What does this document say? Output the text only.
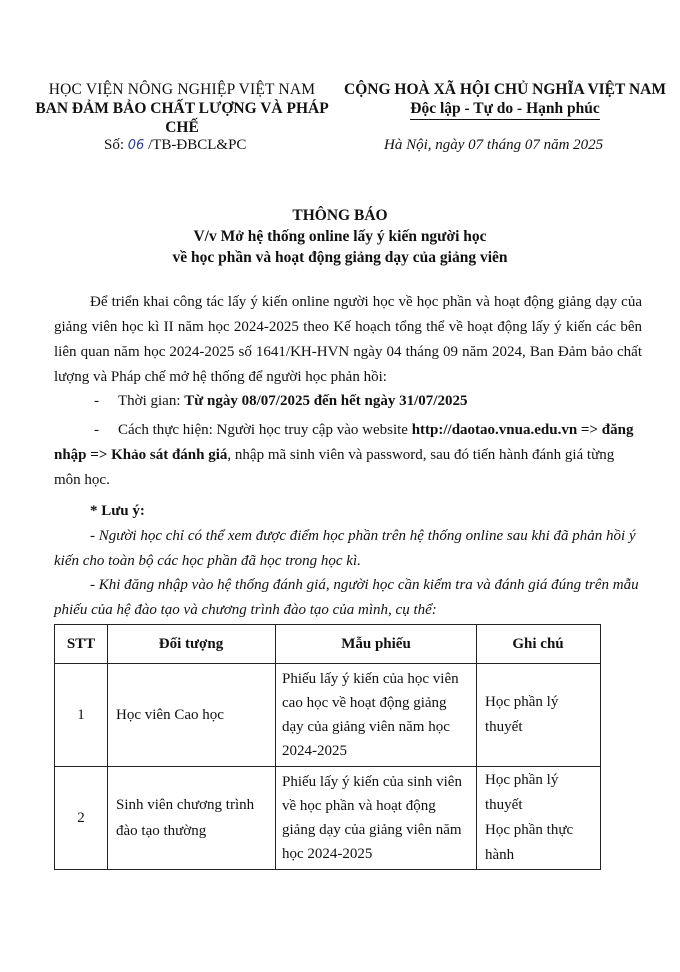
HỌC VIỆN NÔNG NGHIỆP VIỆT NAM
BAN ĐẢM BẢO CHẤT LƯỢNG VÀ PHÁP CHẾ
CỘNG HOÀ XÃ HỘI CHỦ NGHĨA VIỆT NAM
Độc lập - Tự do - Hạnh phúc
Số: 06 /TB-ĐBCL&PC	Hà Nội, ngày 07 tháng 07 năm 2025
THÔNG BÁO
V/v Mở hệ thống online lấy ý kiến người học
về học phần và hoạt động giảng dạy của giảng viên
Để triển khai công tác lấy ý kiến online người học về học phần và hoạt động giảng dạy của giảng viên học kì II năm học 2024-2025 theo Kế hoạch tổng thể về hoạt động lấy ý kiến các bên liên quan năm học 2024-2025 số 1641/KH-HVN ngày 04 tháng 09 năm 2024, Ban Đảm bảo chất lượng và Pháp chế mở hệ thống để người học phản hồi:
- Thời gian: Từ ngày 08/07/2025 đến hết ngày 31/07/2025
- Cách thực hiện: Người học truy cập vào website http://daotao.vnua.edu.vn => đăng
nhập => Khảo sát đánh giá, nhập mã sinh viên và password, sau đó tiến hành đánh giá từng môn học.
* Lưu ý:
- Người học chỉ có thể xem được điểm học phần trên hệ thống online sau khi đã phản hồi ý kiến cho toàn bộ các học phần đã học trong học kì.
- Khi đăng nhập vào hệ thống đánh giá, người học cần kiểm tra và đánh giá đúng trên mẫu phiếu của hệ đào tạo và chương trình đào tạo của mình, cụ thể:
STT	Đối tượng	Mẫu phiếu	Ghi chú
1	Học viên Cao học	Phiếu lấy ý kiến của học viên cao học về hoạt động giảng dạy của giảng viên năm học 2024-2025	Học phần lý thuyết

2	Sinh viên chương trình đào tạo thường	Phiếu lấy ý kiến của sinh viên về học phần và hoạt động giảng dạy của giảng viên năm học 2024-2025	Học phần lý thuyết
Học phần thực hành
